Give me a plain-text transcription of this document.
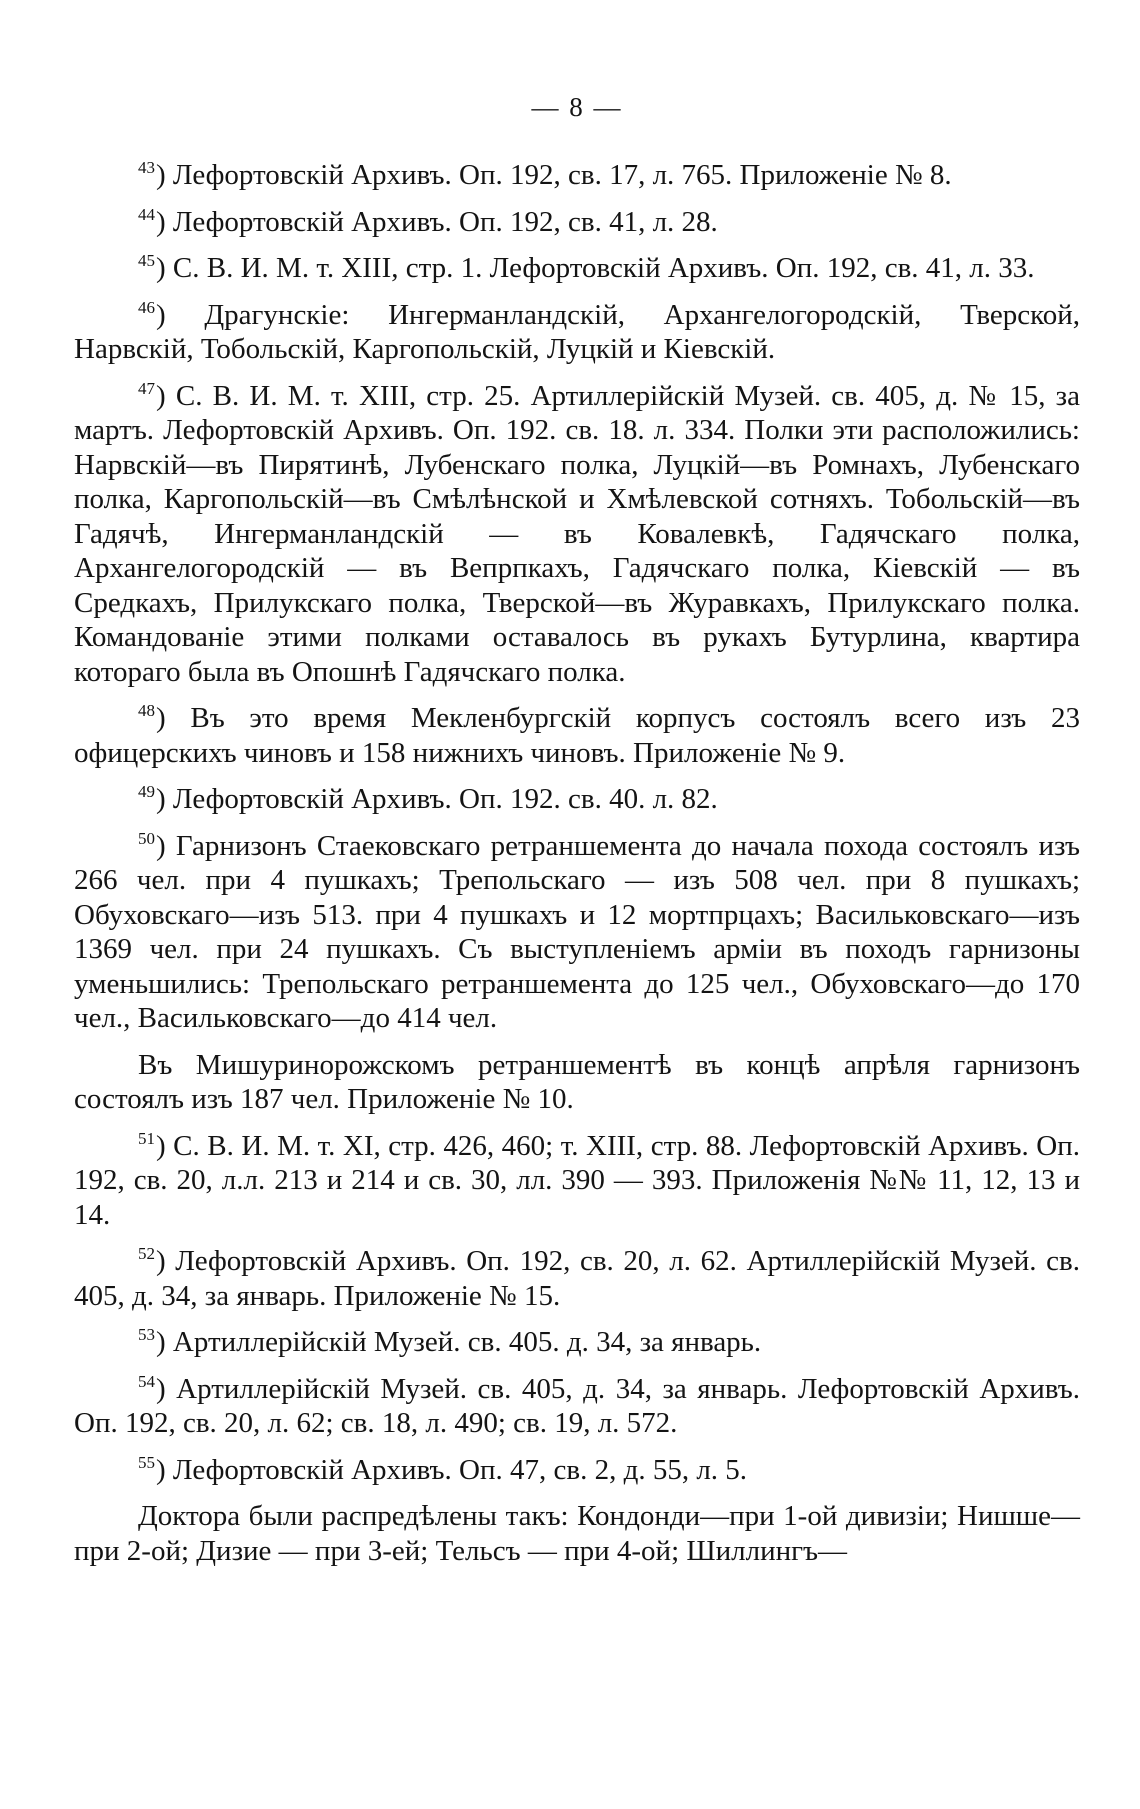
— 8 —

$^{43}$) Лефортовскій Архивъ. Оп. 192, св. 17, л. 765. Приложеніе № 8.

$^{44}$) Лефортовскій Архивъ. Оп. 192, св. 41, л. 28.

$^{45}$) С. В. И. М. т. XIII, стр. 1. Лефортовскій Архивъ. Оп. 192, св. 41, л. 33.

$^{46}$) Драгунскіе: Ингерманландскій, Архангелогородскій, Тверской, Нарвскій, Тобольскій, Каргопольскій, Луцкій и Кіевскій.

$^{47}$) С. В. И. М. т. XIII, стр. 25. Артиллерійскій Музей. св. 405, д. № 15, за мартъ. Лефортовскій Архивъ. Оп. 192. св. 18. л. 334. Полки эти расположились: Нарвскій—въ Пирятинѣ, Лубенскаго полка, Луцкій—въ Ромнахъ, Лубенскаго полка, Каргопольскій—въ Смѣлѣнской и Хмѣлевской сотняхъ. Тобольскій—въ Гадячѣ, Ингерманландскій — въ Ковалевкѣ, Гадячскаго полка, Архангелогородскій — въ Вепрпкахъ, Гадячскаго полка, Кіевскій — въ Средкахъ, Прилукскаго полка, Тверской—въ Журавкахъ, Прилукскаго полка. Командованіе этими полками оставалось въ рукахъ Бутурлина, квартира котораго была въ Опошнѣ Гадячскаго полка.

$^{48}$) Въ это время Мекленбургскій корпусъ состоялъ всего изъ 23 офицерскихъ чиновъ и 158 нижнихъ чиновъ. Приложеніе № 9.

$^{49}$) Лефортовскій Архивъ. Оп. 192. св. 40. л. 82.

$^{50}$) Гарнизонъ Стаековскаго ретраншемента до начала похода состоялъ изъ 266 чел. при 4 пушкахъ; Трепольскаго — изъ 508 чел. при 8 пушкахъ; Обуховскаго—изъ 513. при 4 пушкахъ и 12 мортпрцахъ; Васильковскаго—изъ 1369 чел. при 24 пушкахъ. Съ выступленіемъ арміи въ походъ гарнизоны уменьшились: Трепольскаго ретраншемента до 125 чел., Обуховскаго—до 170 чел., Васильковскаго—до 414 чел.

Въ Мишуриноpожскомъ ретраншементѣ въ концѣ апрѣля гарнизонъ состоялъ изъ 187 чел. Приложеніе № 10.

$^{51}$) С. В. И. М. т. XI, стр. 426, 460; т. XIII, стр. 88. Лефортовскій Архивъ. Оп. 192, св. 20, л.л. 213 и 214 и св. 30, лл. 390 — 393. Приложенія №№ 11, 12, 13 и 14.

$^{52}$) Лефортовскій Архивъ. Оп. 192, св. 20, л. 62. Артиллерійскій Музей. св. 405, д. 34, за январь. Приложеніе № 15.

$^{53}$) Артиллерійскій Музей. св. 405. д. 34, за январь.

$^{54}$) Артиллерійскій Музей. св. 405, д. 34, за январь. Лефортовскій Архивъ. Оп. 192, св. 20, л. 62; св. 18, л. 490; св. 19, л. 572.

$^{55}$) Лефортовскій Архивъ. Оп. 47, св. 2, д. 55, л. 5.

Доктора были распредѣлены такъ: Кондонди—при 1-ой дивизіи; Нишше—при 2-ой; Дизие — при 3-ей; Тельсъ — при 4-ой; Шиллингъ—
